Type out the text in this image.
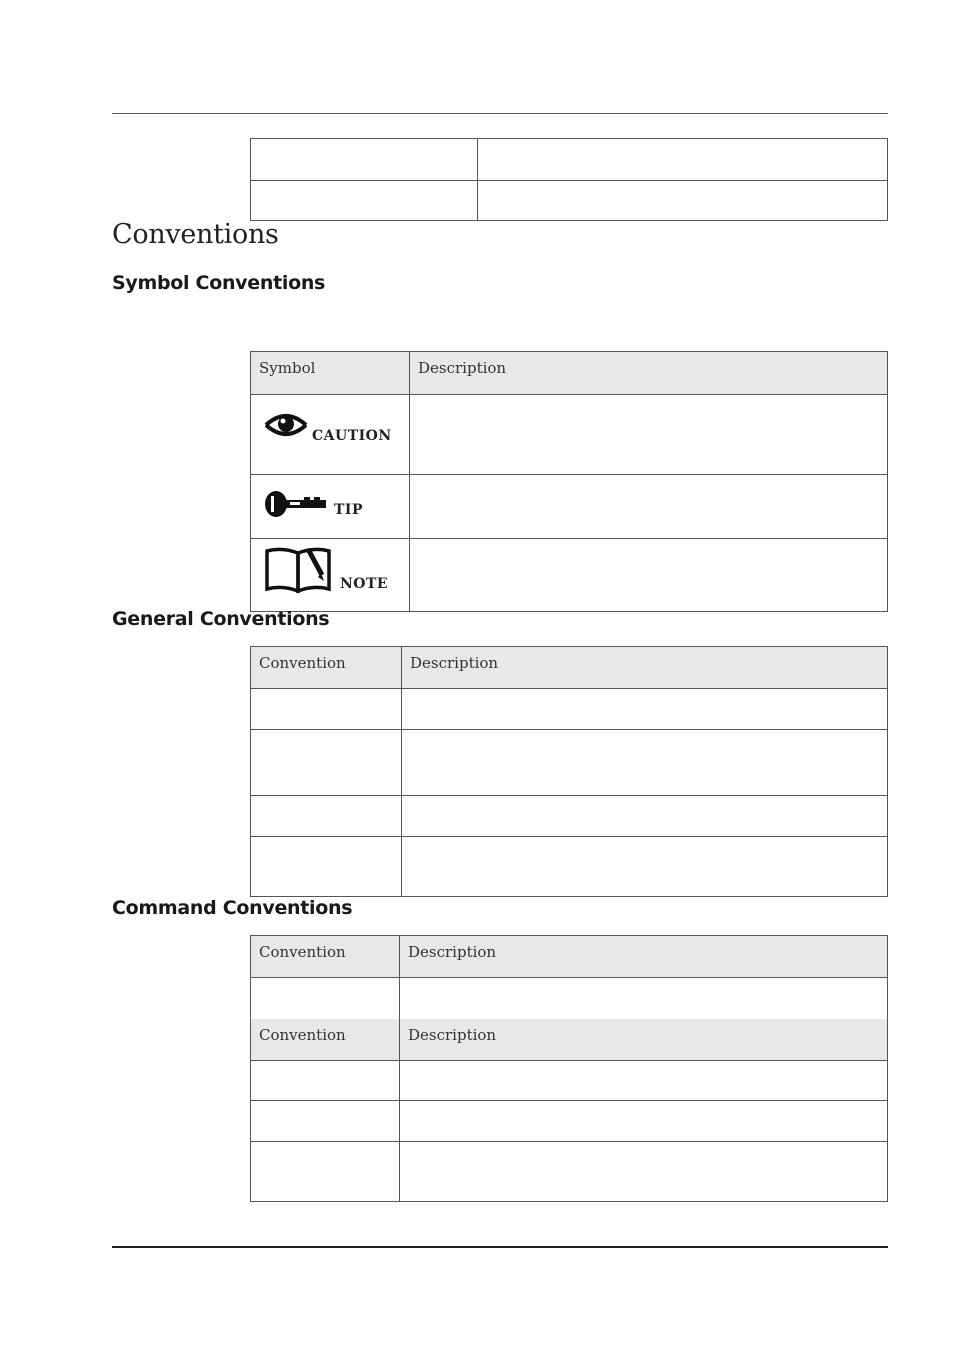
Conventions
Symbol Conventions
Symbol	Description

CAUTION	

TIP	

NOTE	

General Conventions
Convention	Description

Command Conventions
Convention	Description

Convention	Description
